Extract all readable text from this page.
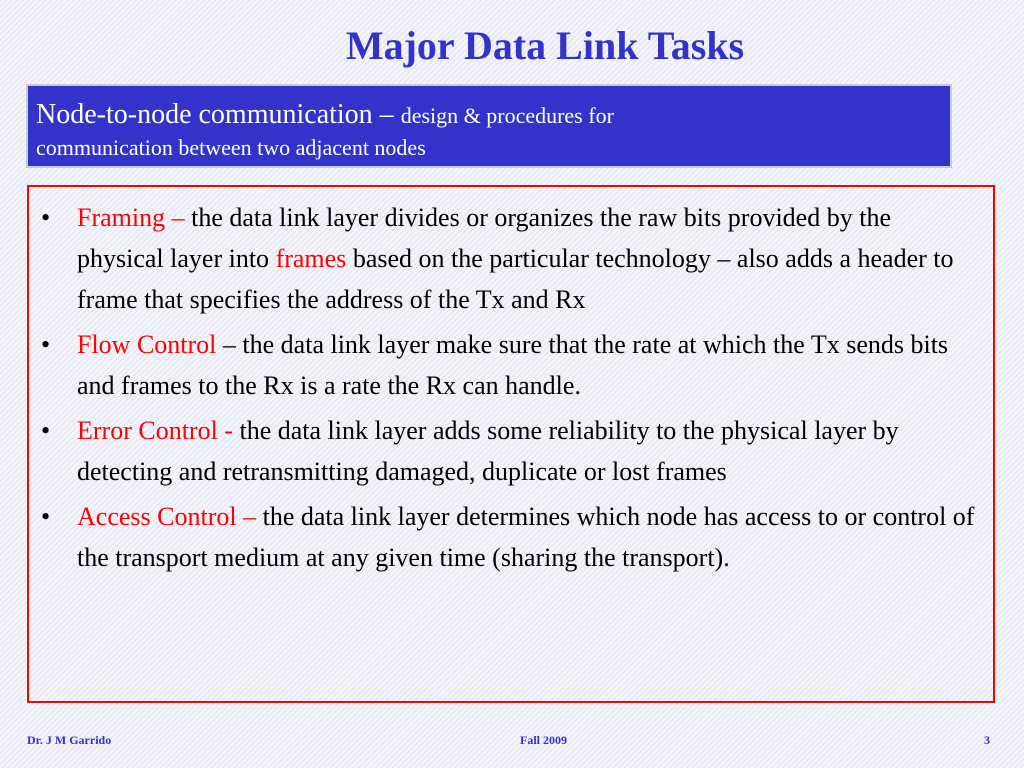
Major Data Link Tasks
Node-to-node communication – design & procedures for
communication between two adjacent nodes
• Framing – the data link layer divides or organizes the raw bits provided by the physical layer into frames based on the particular technology – also adds a header to frame that specifies the address of the Tx and Rx
• Flow Control – the data link layer make sure that the rate at which the Tx sends bits and frames to the Rx is a rate the Rx can handle.
• Error Control - the data link layer adds some reliability to the physical layer by detecting and retransmitting damaged, duplicate or lost frames
• Access Control – the data link layer determines which node has access to or control of the transport medium at any given time (sharing the transport).
Dr. J M Garrido	Fall 2009	3
